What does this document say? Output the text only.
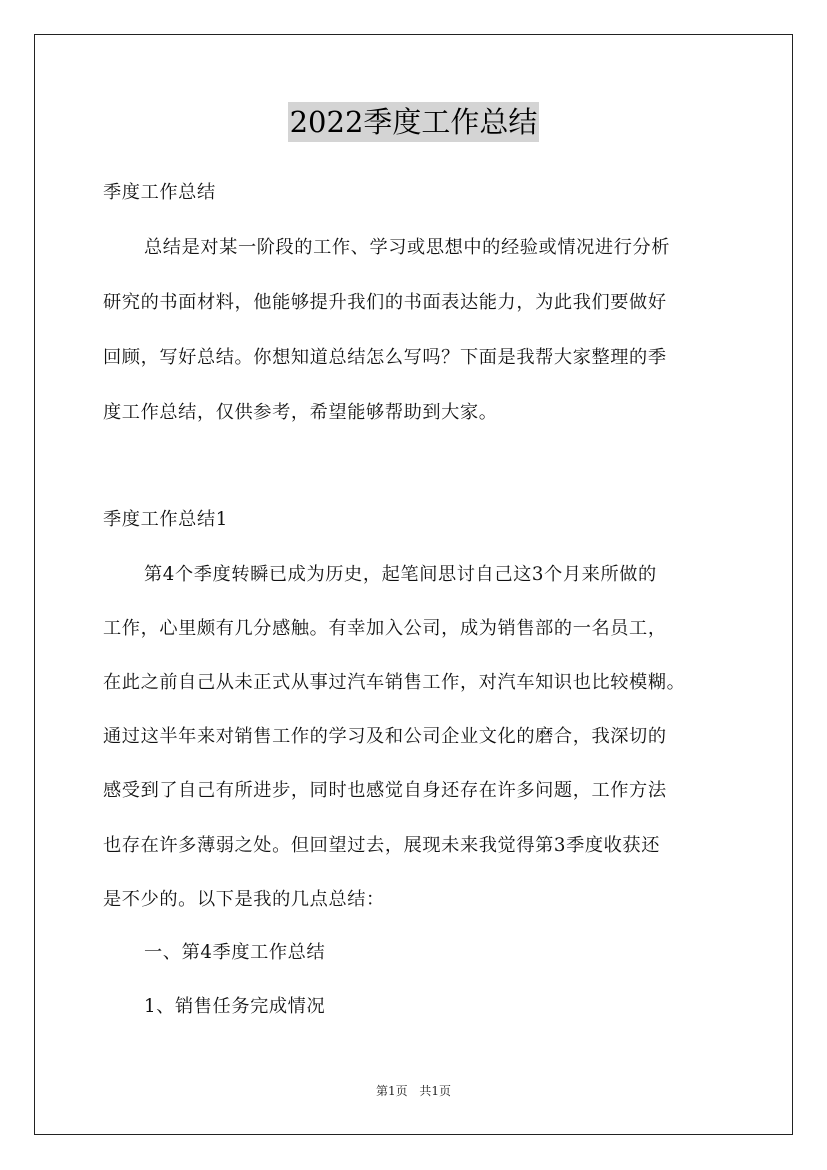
2022季度工作总结
季度工作总结
总结是对某一阶段的工作、学习或思想中的经验或情况进行分析
研究的书面材料，他能够提升我们的书面表达能力，为此我们要做好
回顾，写好总结。你想知道总结怎么写吗？下面是我帮大家整理的季
度工作总结，仅供参考，希望能够帮助到大家。
季度工作总结1
第4个季度转瞬已成为历史，起笔间思讨自己这3个月来所做的
工作，心里颇有几分感触。有幸加入公司，成为销售部的一名员工，
在此之前自己从未正式从事过汽车销售工作，对汽车知识也比较模糊。
通过这半年来对销售工作的学习及和公司企业文化的磨合，我深切的
感受到了自己有所进步，同时也感觉自身还存在许多问题，工作方法
也存在许多薄弱之处。但回望过去，展现未来我觉得第3季度收获还
是不少的。以下是我的几点总结：
一、第4季度工作总结
1、销售任务完成情况
第1页 共1页
